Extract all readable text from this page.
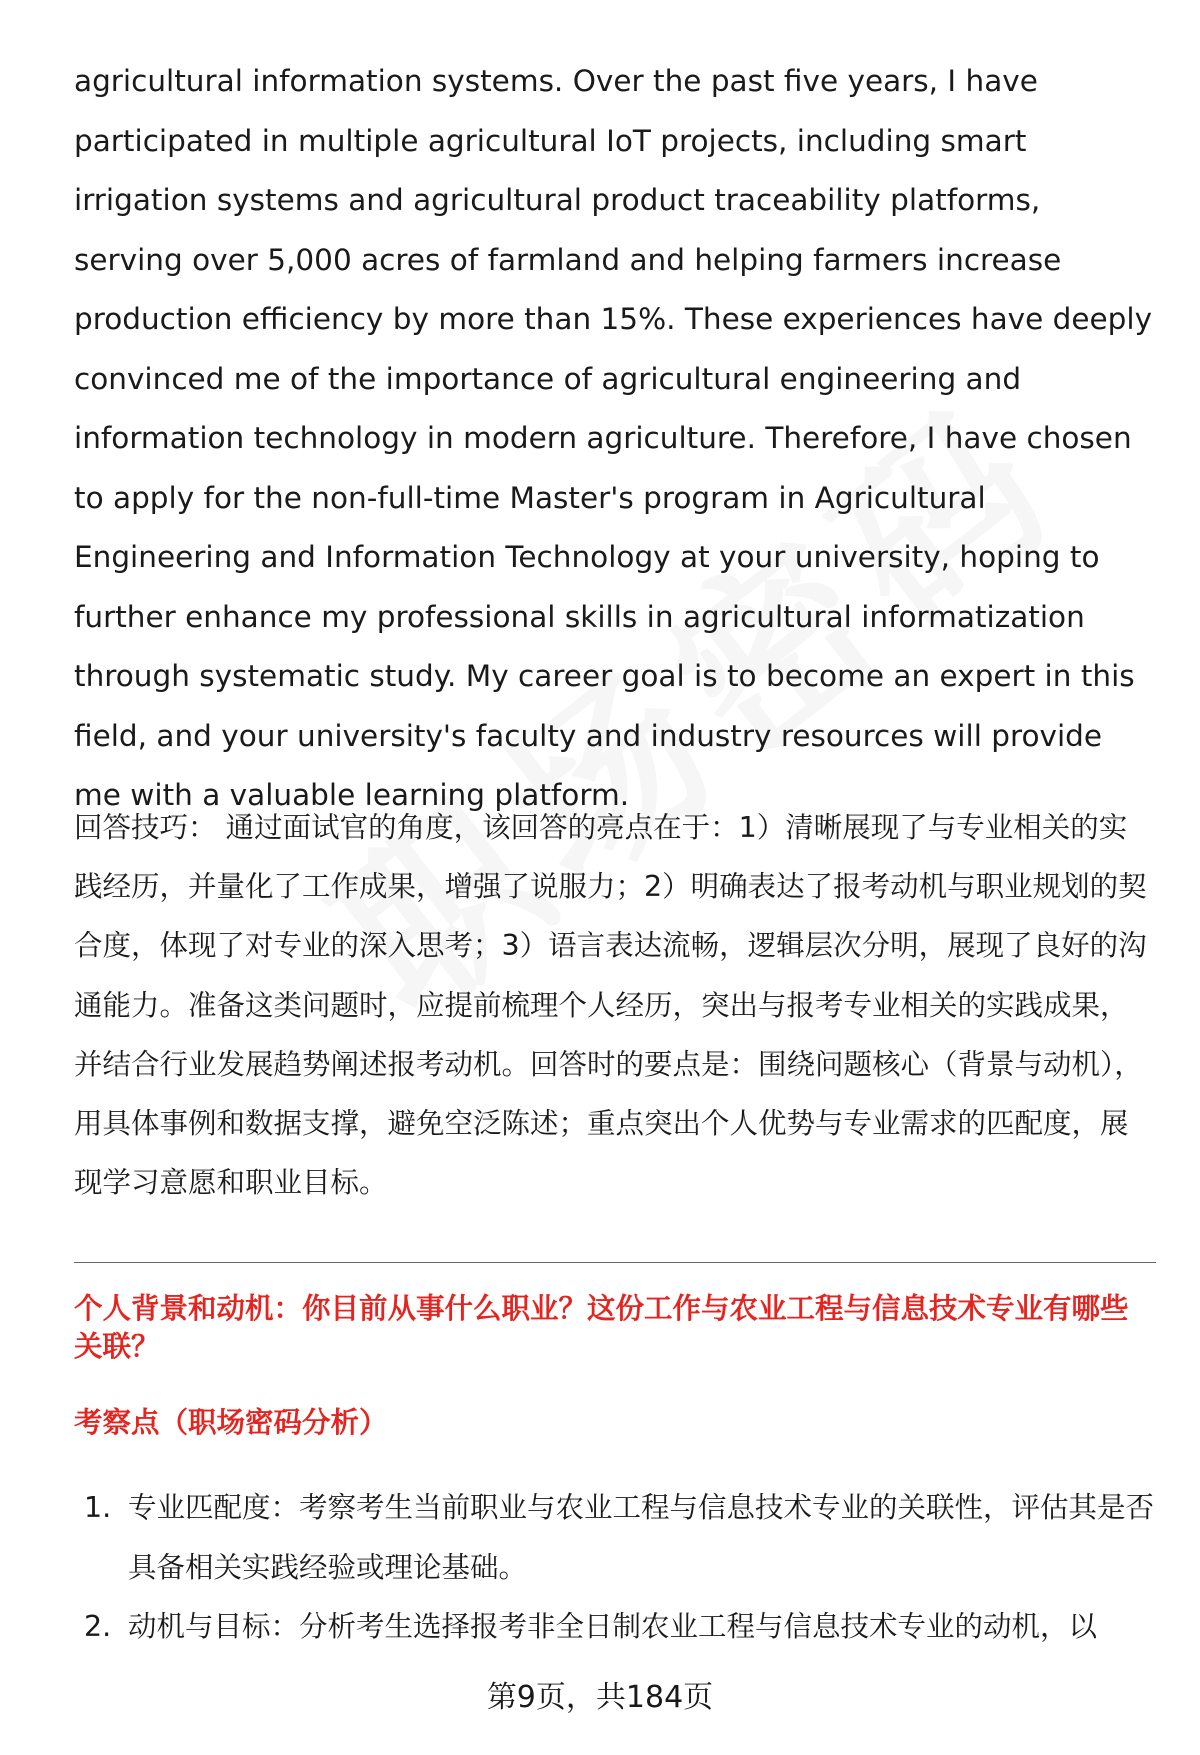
agricultural information systems. Over the past five years, I have participated in multiple agricultural IoT projects, including smart irrigation systems and agricultural product traceability platforms, serving over 5,000 acres of farmland and helping farmers increase production efficiency by more than 15%. These experiences have deeply convinced me of the importance of agricultural engineering and information technology in modern agriculture. Therefore, I have chosen to apply for the non-full-time Master's program in Agricultural Engineering and Information Technology at your university, hoping to further enhance my professional skills in agricultural informatization through systematic study. My career goal is to become an expert in this field, and your university's faculty and industry resources will provide me with a valuable learning platform.

回答技巧： 通过面试官的角度，该回答的亮点在于：1）清晰展现了与专业相关的实践经历，并量化了工作成果，增强了说服力；2）明确表达了报考动机与职业规划的契合度，体现了对专业的深入思考；3）语言表达流畅，逻辑层次分明，展现了良好的沟通能力。准备这类问题时，应提前梳理个人经历，突出与报考专业相关的实践成果，并结合行业发展趋势阐述报考动机。回答时的要点是：围绕问题核心（背景与动机），用具体事例和数据支撑，避免空泛陈述；重点突出个人优势与专业需求的匹配度，展现学习意愿和职业目标。

个人背景和动机：你目前从事什么职业？这份工作与农业工程与信息技术专业有哪些关联？

考察点（职场密码分析）

1. 专业匹配度：考察考生当前职业与农业工程与信息技术专业的关联性，评估其是否具备相关实践经验或理论基础。
2. 动机与目标：分析考生选择报考非全日制农业工程与信息技术专业的动机，以
第9页，共184页
